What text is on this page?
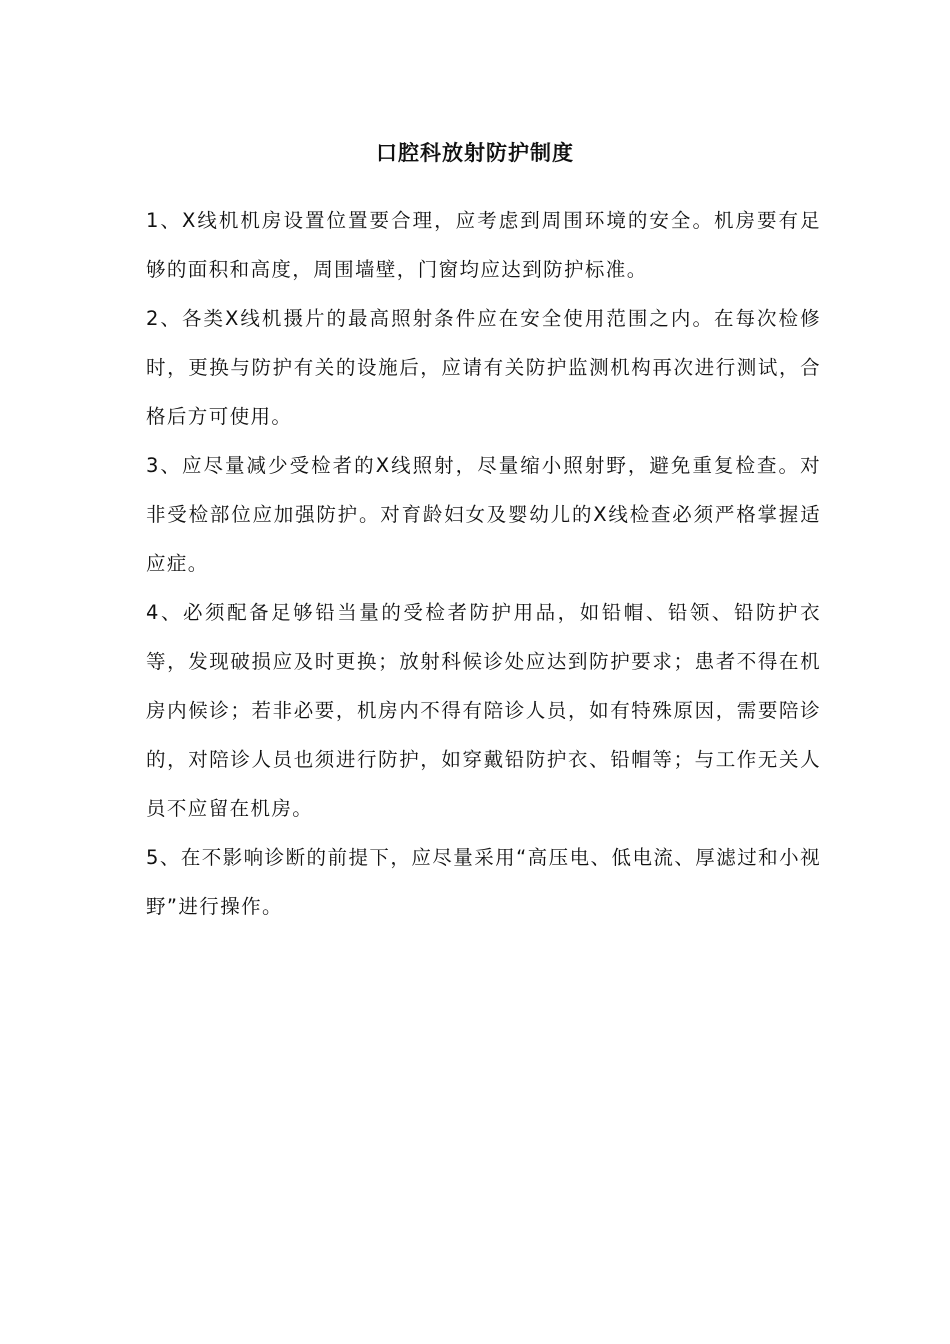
口腔科放射防护制度

1、X线机机房设置位置要合理，应考虑到周围环境的安全。机房要有足够的面积和高度，周围墙壁，门窗均应达到防护标准。

2、各类X线机摄片的最高照射条件应在安全使用范围之内。在每次检修时，更换与防护有关的设施后，应请有关防护监测机构再次进行测试，合格后方可使用。

3、应尽量减少受检者的X线照射，尽量缩小照射野，避免重复检查。对非受检部位应加强防护。对育龄妇女及婴幼儿的X线检查必须严格掌握适应症。

4、必须配备足够铅当量的受检者防护用品，如铅帽、铅领、铅防护衣等，发现破损应及时更换；放射科候诊处应达到防护要求；患者不得在机房内候诊；若非必要，机房内不得有陪诊人员，如有特殊原因，需要陪诊的，对陪诊人员也须进行防护，如穿戴铅防护衣、铅帽等；与工作无关人员不应留在机房。

5、在不影响诊断的前提下，应尽量采用“高压电、低电流、厚滤过和小视野”进行操作。
